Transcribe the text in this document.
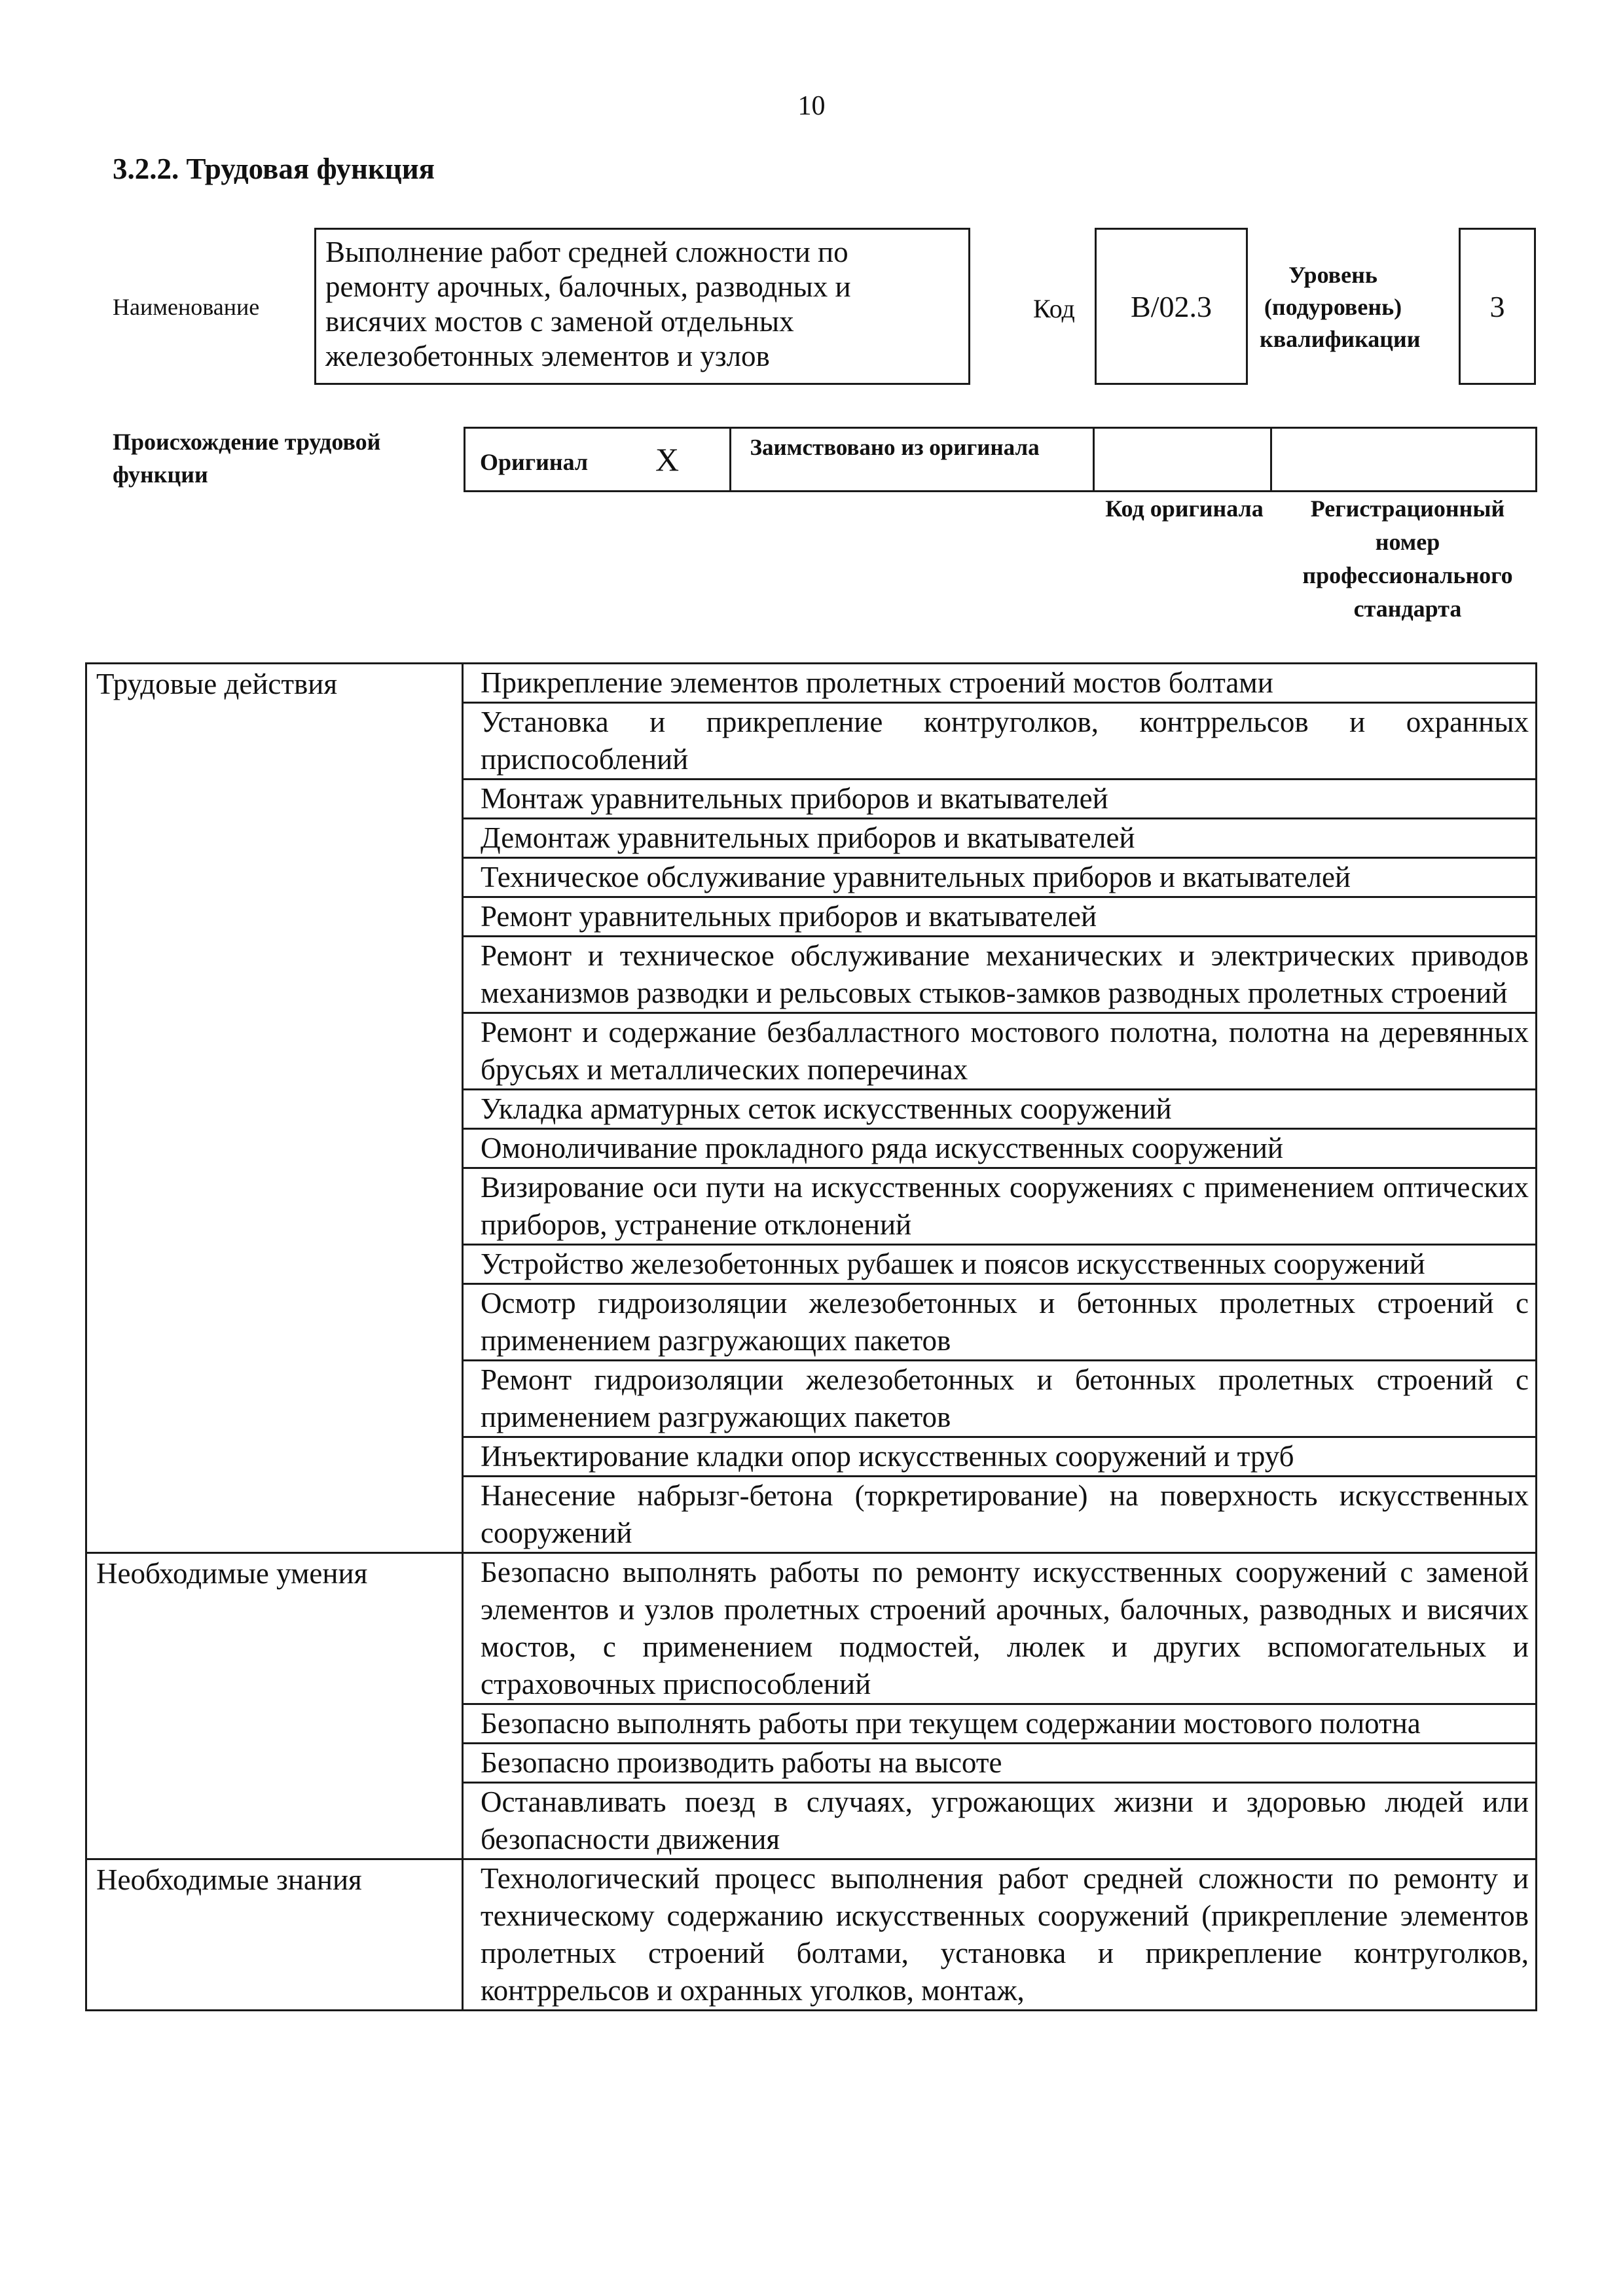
10
3.2.2. Трудовая функция
Наименование
Выполнение работ средней сложности по ремонту арочных, балочных, разводных и висячих мостов с заменой отдельных железобетонных элементов и узлов
Код	B/02.3
Уровень (подуровень) квалификации
3
Происхождение трудовой функции	Оригинал X	Заимствовано из оригинала
Код оригинала	Регистрационный номер профессионального стандарта
Трудовые действия	Прикрепление элементов пролетных строений мостов болтами
	Установка и прикрепление контруголков, контррельсов и охранных приспособлений
	Монтаж уравнительных приборов и вкатывателей
	Демонтаж уравнительных приборов и вкатывателей
	Техническое обслуживание уравнительных приборов и вкатывателей
	Ремонт уравнительных приборов и вкатывателей
	Ремонт и техническое обслуживание механических и электрических приводов механизмов разводки и рельсовых стыков-замков разводных пролетных строений
	Ремонт и содержание безбалластного мостового полотна, полотна на деревянных брусьях и металлических поперечинах
	Укладка арматурных сеток искусственных сооружений
	Омоноличивание прокладного ряда искусственных сооружений
	Визирование оси пути на искусственных сооружениях с применением оптических приборов, устранение отклонений
	Устройство железобетонных рубашек и поясов искусственных сооружений
	Осмотр гидроизоляции железобетонных и бетонных пролетных строений с применением разгружающих пакетов
	Ремонт гидроизоляции железобетонных и бетонных пролетных строений с применением разгружающих пакетов
	Инъектирование кладки опор искусственных сооружений и труб
	Нанесение набрызг-бетона (торкретирование) на поверхность искусственных сооружений
Необходимые умения	Безопасно выполнять работы по ремонту искусственных сооружений с заменой элементов и узлов пролетных строений арочных, балочных, разводных и висячих мостов, с применением подмостей, люлек и других вспомогательных и страховочных приспособлений
	Безопасно выполнять работы при текущем содержании мостового полотна
	Безопасно производить работы на высоте
	Останавливать поезд в случаях, угрожающих жизни и здоровью людей или безопасности движения
Необходимые знания	Технологический процесс выполнения работ средней сложности по ремонту и техническому содержанию искусственных сооружений (прикрепление элементов пролетных строений болтами, установка и прикрепление контруголков, контррельсов и охранных уголков, монтаж,
